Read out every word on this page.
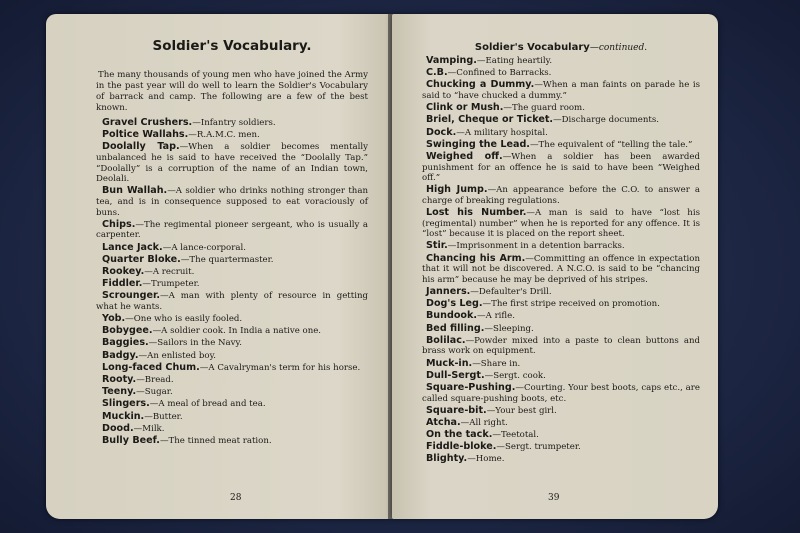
Soldier's Vocabulary.

The many thousands of young men who have joined the Army in the past year will do well to learn the Soldier's Vocabulary of barrack and camp. The following are a few of the best known.

Gravel Crushers.—Infantry soldiers.

Poltice Wallahs.—R.A.M.C. men.

Doolally Tap.—When a soldier becomes mentally unbalanced he is said to have received the “Doolally Tap.” “Doolally” is a corruption of the name of an Indian town, Deolali.

Bun Wallah.—A soldier who drinks nothing stronger than tea, and is in consequence supposed to eat voraciously of buns.

Chips.—The regimental pioneer sergeant, who is usually a carpenter.

Lance Jack.—A lance-corporal.

Quarter Bloke.—The quartermaster.

Rookey.—A recruit.

Fiddler.—Trumpeter.

Scrounger.—A man with plenty of resource in getting what he wants.

Yob.—One who is easily fooled.

Bobygee.—A soldier cook. In India a native one.

Baggies.—Sailors in the Navy.

Badgy.—An enlisted boy.

Long-faced Chum.—A Cavalryman's term for his horse.

Rooty.—Bread.

Teeny.—Sugar.

Slingers.—A meal of bread and tea.

Muckin.—Butter.

Dood.—Milk.

Bully Beef.—The tinned meat ration.

28
Soldier's Vocabulary—continued.

Vamping.—Eating heartily.

C.B.—Confined to Barracks.

Chucking a Dummy.—When a man faints on parade he is said to “have chucked a dummy.”

Clink or Mush.—The guard room.

Briel, Cheque or Ticket.—Discharge documents.

Dock.—A military hospital.

Swinging the Lead.—The equivalent of “telling the tale.”

Weighed off.—When a soldier has been awarded punishment for an offence he is said to have been “Weighed off.”

High Jump.—An appearance before the C.O. to answer a charge of breaking regulations.

Lost his Number.—A man is said to have “lost his (regimental) number” when he is reported for any offence. It is “lost” because it is placed on the report sheet.

Stir.—Imprisonment in a detention barracks.

Chancing his Arm.—Committing an offence in expectation that it will not be discovered. A N.C.O. is said to be “chancing his arm” because he may be deprived of his stripes.

Janners.—Defaulter's Drill.

Dog's Leg.—The first stripe received on promotion.

Bundook.—A rifle.

Bed filling.—Sleeping.

Bolilac.—Powder mixed into a paste to clean buttons and brass work on equipment.

Muck-in.—Share in.

Dull-Sergt.—Sergt. cook.

Square-Pushing.—Courting. Your best boots, caps etc., are called square-pushing boots, etc.

Square-bit.—Your best girl.

Atcha.—All right.

On the tack.—Teetotal.

Fiddle-bloke.—Sergt. trumpeter.

Blighty.—Home.

39
